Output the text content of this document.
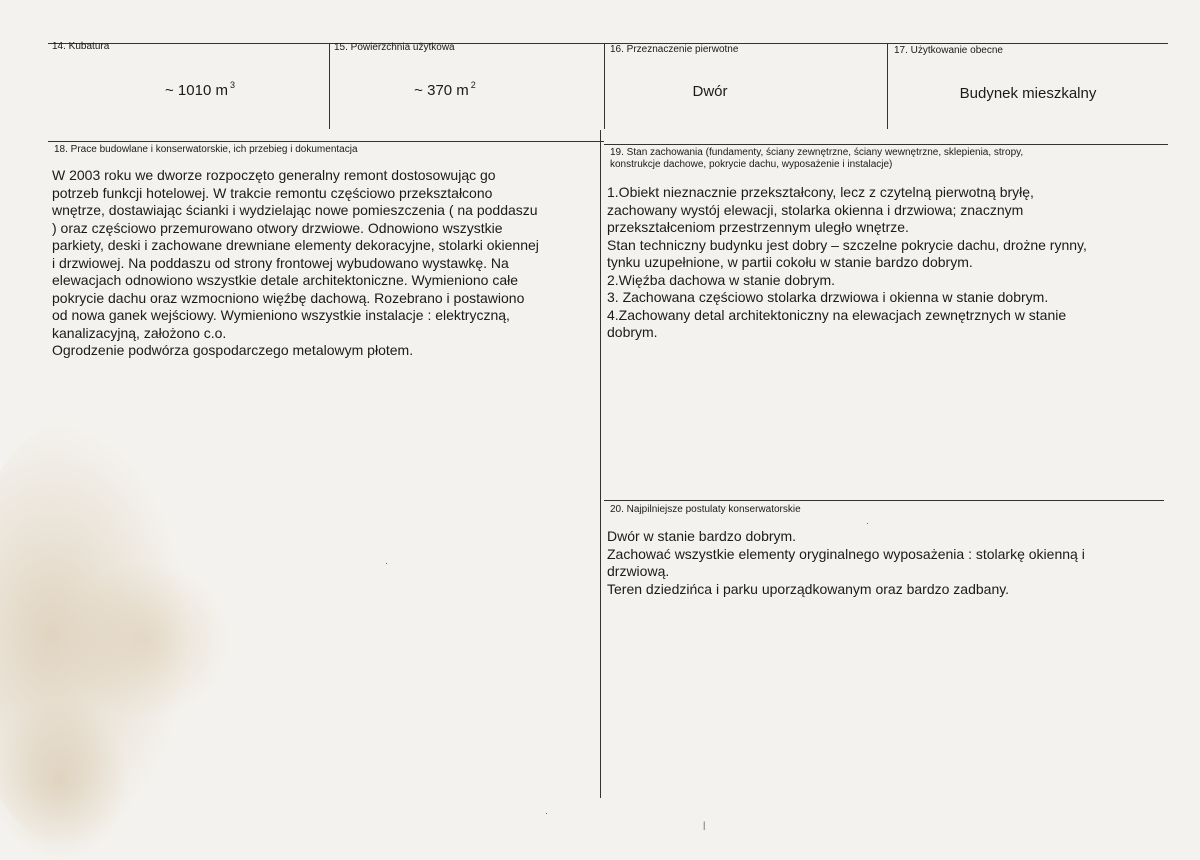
14. Kubatura	15. Powierzchnia użytkowa	16. Przeznaczenie pierwotne	17. Użytkowanie obecne
~ 1010 m $^3$	~ 370 m $^2$	Dwór	Budynek mieszkalny
18. Prace budowlane i konserwatorskie, ich przebieg i dokumentacja

W 2003 roku we dworze rozpoczęto generalny remont dostosowując go

potrzeb funkcji hotelowej. W trakcie remontu częściowo przekształcono

wnętrze, dostawiając ścianki i wydzielając nowe pomieszczenia ( na poddaszu

) oraz częściowo przemurowano otwory drzwiowe. Odnowiono wszystkie

parkiety, deski i zachowane drewniane elementy dekoracyjne, stolarki okiennej

i drzwiowej. Na poddaszu od strony frontowej wybudowano wystawkę. Na

elewacjach odnowiono wszystkie detale architektoniczne. Wymieniono całe

pokrycie dachu oraz wzmocniono więźbę dachową. Rozebrano i postawiono

od nowa ganek wejściowy. Wymieniono wszystkie instalacje : elektryczną,

kanalizacyjną, założono c.o.

Ogrodzenie podwórza gospodarczego metalowym płotem.

19. Stan zachowania (fundamenty, ściany zewnętrzne, ściany wewnętrzne, sklepienia, stropy,
konstrukcje dachowe, pokrycie dachu, wyposażenie i instalacje)

1.Obiekt nieznacznie przekształcony, lecz z czytelną pierwotną bryłę,

zachowany wystój elewacji, stolarka okienna i drzwiowa; znacznym

przekształceniom przestrzennym uległo wnętrze.

Stan techniczny budynku jest dobry – szczelne pokrycie dachu, drożne rynny,

tynku uzupełnione, w partii cokołu w stanie bardzo dobrym.

2.Więźba dachowa w stanie dobrym.

3. Zachowana częściowo stolarka drzwiowa i okienna w stanie dobrym.

4.Zachowany detal architektoniczny na elewacjach zewnętrznych w stanie

dobrym.

20. Najpilniejsze postulaty konserwatorskie

Dwór w stanie bardzo dobrym.

Zachować wszystkie elementy oryginalnego wyposażenia : stolarkę okienną i

drzwiową.

Teren dziedzińca i parku uporządkowanym oraz bardzo zadbany.

·
·
|
·
